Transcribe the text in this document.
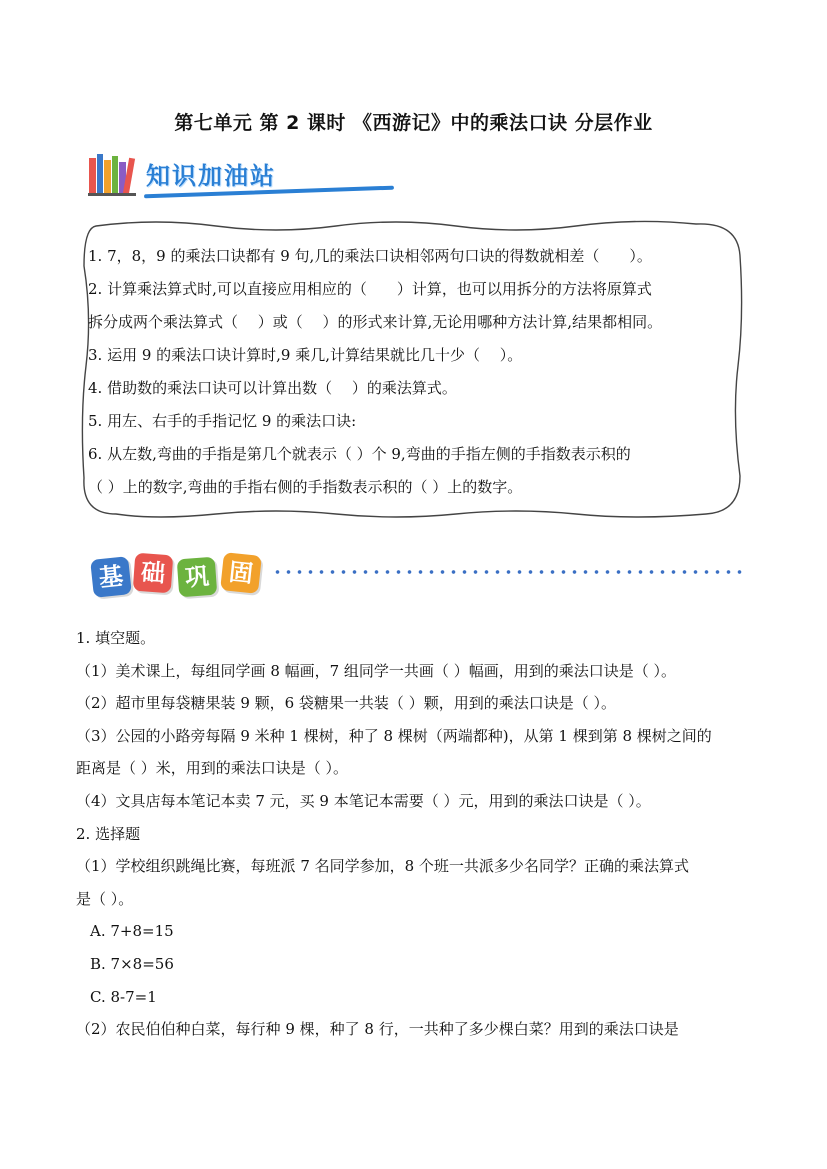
第七单元 第 2 课时 《西游记》中的乘法口诀 分层作业
知识加油站
1. 7，8，9 的乘法口诀都有 9 句,几的乘法口诀相邻两句口诀的得数就相差（　　）。
2. 计算乘法算式时,可以直接应用相应的（　　）计算，也可以用拆分的方法将原算式
拆分成两个乘法算式（　 ）或（　 ）的形式来计算,无论用哪种方法计算,结果都相同。
3. 运用 9 的乘法口诀计算时,9 乘几,计算结果就比几十少（　 ）。
4. 借助数的乘法口诀可以计算出数（　 ）的乘法算式。
5. 用左、右手的手指记忆 9 的乘法口诀:
6. 从左数,弯曲的手指是第几个就表示（ ）个 9,弯曲的手指左侧的手指数表示积的
（ ）上的数字,弯曲的手指右侧的手指数表示积的（ ）上的数字。
基 础 巩 固
1. 填空题。
（1）美术课上，每组同学画 8 幅画，7 组同学一共画（ ）幅画，用到的乘法口诀是（ ）。
（2）超市里每袋糖果装 9 颗，6 袋糖果一共装（ ）颗，用到的乘法口诀是（ ）。
（3）公园的小路旁每隔 9 米种 1 棵树，种了 8 棵树（两端都种)，从第 1 棵到第 8 棵树之间的
距离是（ ）米，用到的乘法口诀是（ ）。
（4）文具店每本笔记本卖 7 元，买 9 本笔记本需要（ ）元，用到的乘法口诀是（ ）。
2. 选择题
（1）学校组织跳绳比赛，每班派 7 名同学参加，8 个班一共派多少名同学？正确的乘法算式
是（ ）。
A. 7+8=15
B. 7×8=56
C. 8-7=1
（2）农民伯伯种白菜，每行种 9 棵，种了 8 行，一共种了多少棵白菜？用到的乘法口诀是
